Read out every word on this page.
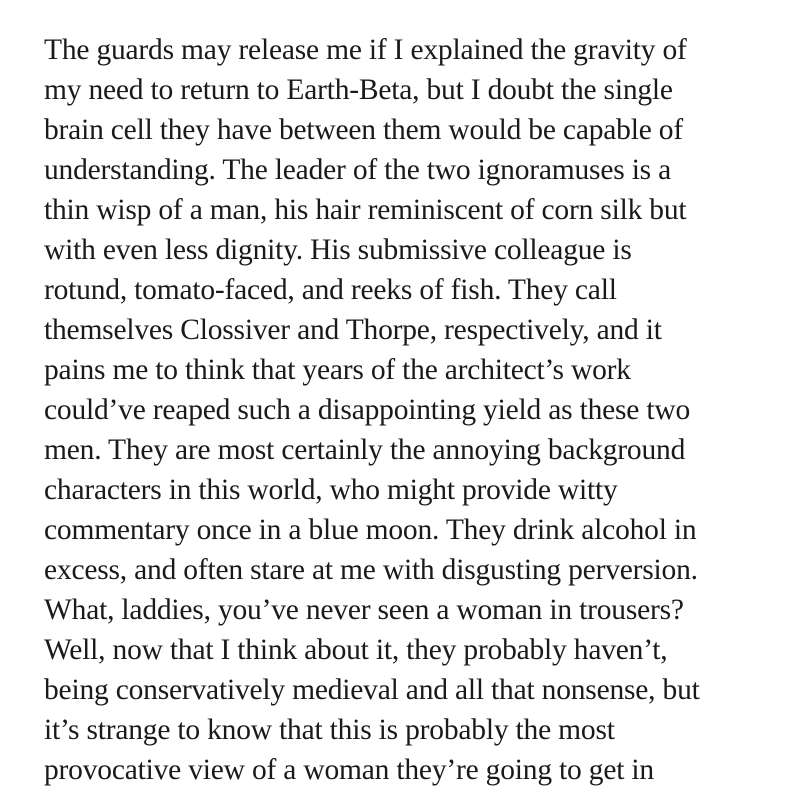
The guards may release me if I explained the gravity of
my need to return to Earth-Beta, but I doubt the single
brain cell they have between them would be capable of
understanding. The leader of the two ignoramuses is a
thin wisp of a man, his hair reminiscent of corn silk but
with even less dignity. His submissive colleague is
rotund, tomato-faced, and reeks of fish. They call
themselves Clossiver and Thorpe, respectively, and it
pains me to think that years of the architect’s work
could’ve reaped such a disappointing yield as these two
men. They are most certainly the annoying background
characters in this world, who might provide witty
commentary once in a blue moon. They drink alcohol in
excess, and often stare at me with disgusting perversion.
What, laddies, you’ve never seen a woman in trousers?
Well, now that I think about it, they probably haven’t,
being conservatively medieval and all that nonsense, but
it’s strange to know that this is probably the most
provocative view of a woman they’re going to get in
